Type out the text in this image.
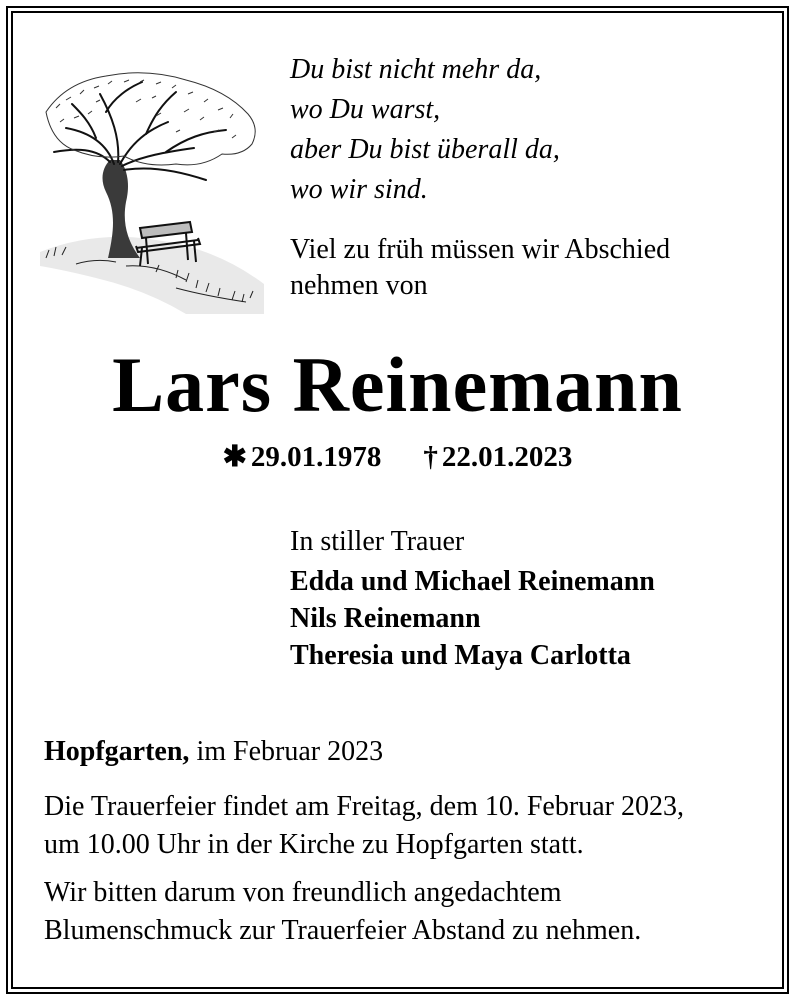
Du bist nicht mehr da,
wo Du warst,
aber Du bist überall da,
wo wir sind.
Viel zu früh müssen wir Abschied
nehmen von
Lars Reinemann
✱ 29.01.1978 † 22.01.2023
In stiller Trauer
Edda und Michael Reinemann
Nils Reinemann
Theresia und Maya Carlotta
Hopfgarten, im Februar 2023
Die Trauerfeier findet am Freitag, dem 10. Februar 2023,
um 10.00 Uhr in der Kirche zu Hopfgarten statt.
Wir bitten darum von freundlich angedachtem
Blumenschmuck zur Trauerfeier Abstand zu nehmen.
